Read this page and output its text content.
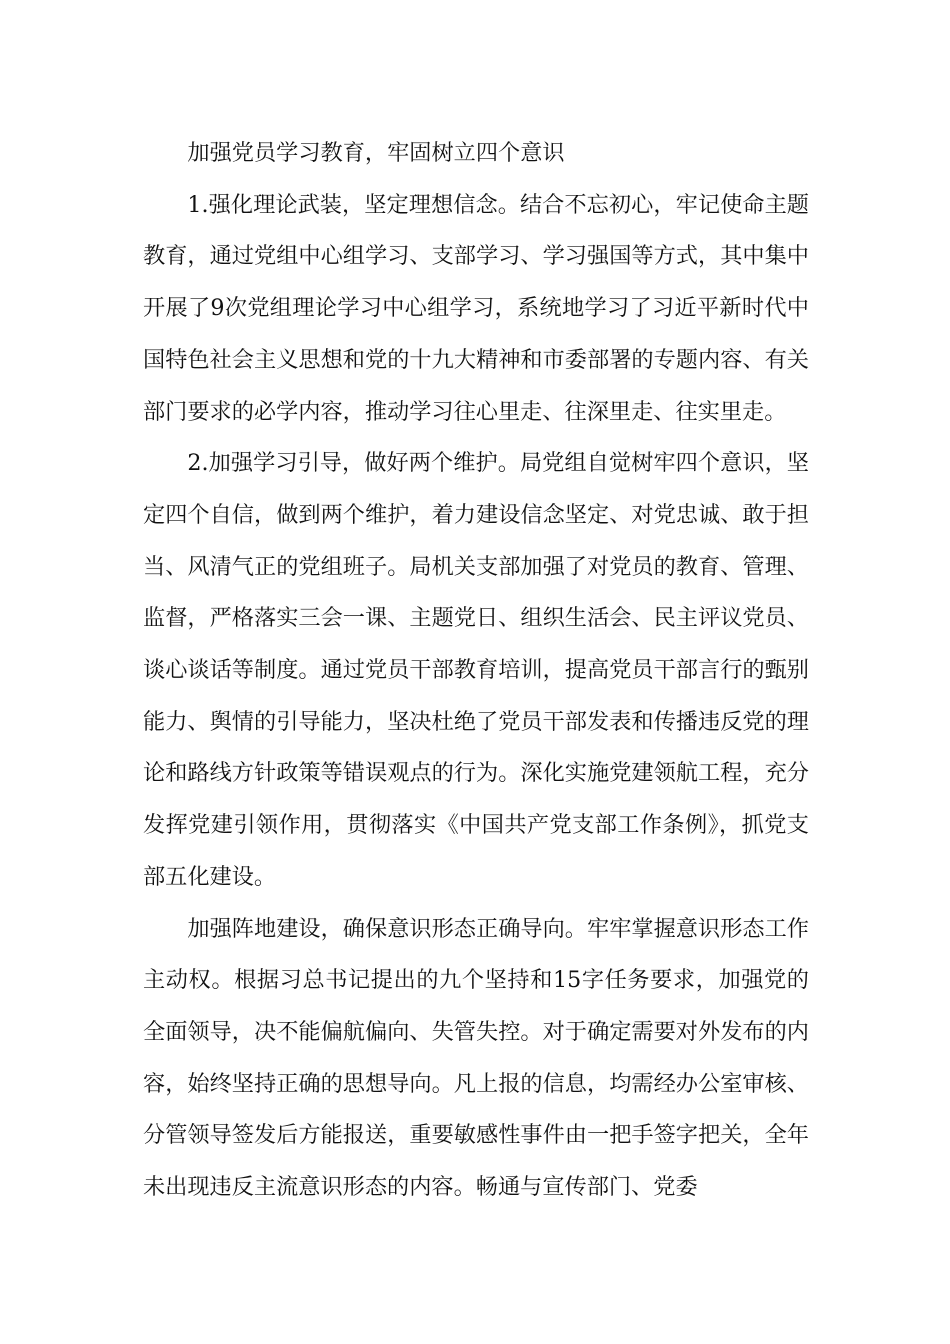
加强党员学习教育，牢固树立四个意识

1.强化理论武装，坚定理想信念。结合不忘初心，牢记使命主题教育，通过党组中心组学习、支部学习、学习强国等方式，其中集中开展了9次党组理论学习中心组学习，系统地学习了习近平新时代中国特色社会主义思想和党的十九大精神和市委部署的专题内容、有关部门要求的必学内容，推动学习往心里走、往深里走、往实里走。

2.加强学习引导，做好两个维护。局党组自觉树牢四个意识，坚定四个自信，做到两个维护，着力建设信念坚定、对党忠诚、敢于担当、风清气正的党组班子。局机关支部加强了对党员的教育、管理、监督，严格落实三会一课、主题党日、组织生活会、民主评议党员、谈心谈话等制度。通过党员干部教育培训，提高党员干部言行的甄别能力、舆情的引导能力，坚决杜绝了党员干部发表和传播违反党的理论和路线方针政策等错误观点的行为。深化实施党建领航工程，充分发挥党建引领作用，贯彻落实《中国共产党支部工作条例》，抓党支部五化建设。

加强阵地建设，确保意识形态正确导向。牢牢掌握意识形态工作主动权。根据习总书记提出的九个坚持和15字任务要求，加强党的全面领导，决不能偏航偏向、失管失控。对于确定需要对外发布的内容，始终坚持正确的思想导向。凡上报的信息，均需经办公室审核、分管领导签发后方能报送，重要敏感性事件由一把手签字把关，全年未出现违反主流意识形态的内容。畅通与宣传部门、党委
